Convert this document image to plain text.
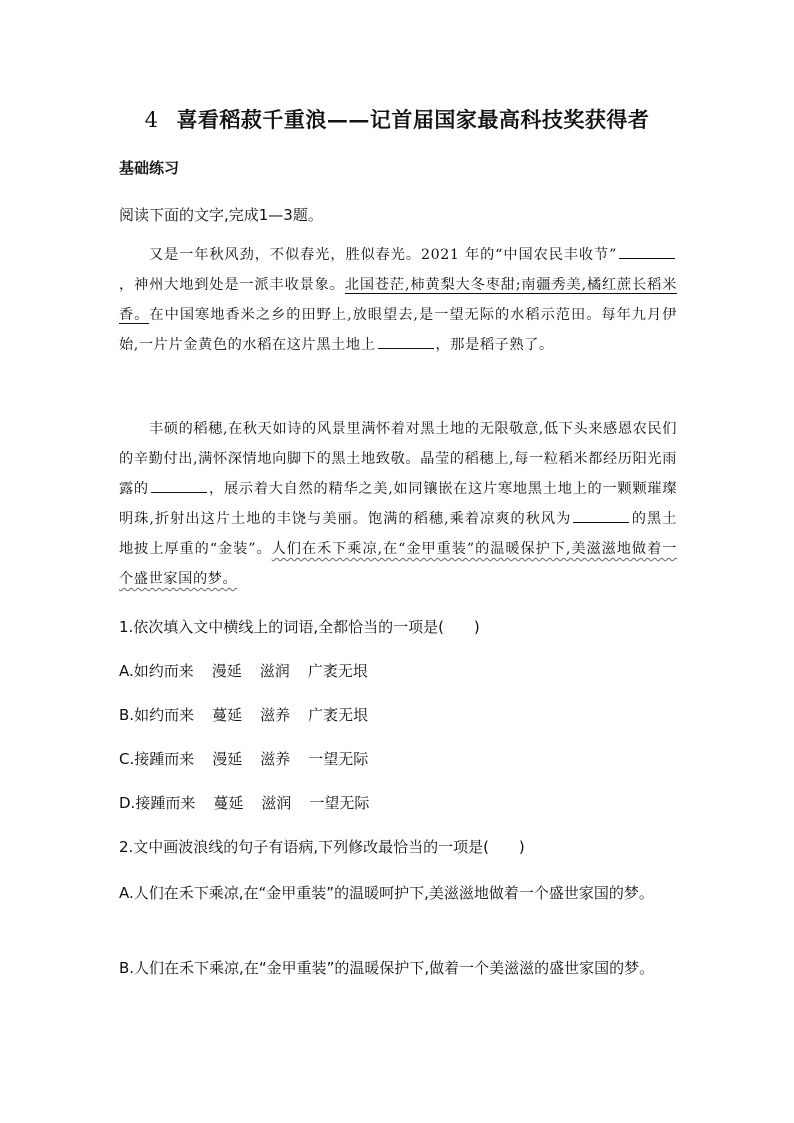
4 喜看稻菽千重浪——记首届国家最高科技奖获得者
基础练习
阅读下面的文字,完成1—3题。
又是一年秋风劲，不似春光，胜似春光。2021 年的“中国农民丰收节”，神州大地到处是一派丰收景象。北国苍茫,柿黄梨大冬枣甜;南疆秀美,橘红蔗长稻米香。在中国寒地香米之乡的田野上,放眼望去,是一望无际的水稻示范田。每年九月伊始,一片片金黄色的水稻在这片黑土地上	，那是稻子熟了。
丰硕的稻穗,在秋天如诗的风景里满怀着对黑土地的无限敬意,低下头来感恩农民们的辛勤付出,满怀深情地向脚下的黑土地致敬。晶莹的稻穗上,每一粒稻米都经历阳光雨露的	，展示着大自然的精华之美,如同镶嵌在这片寒地黑土地上的一颗颗璀璨明珠,折射出这片土地的丰饶与美丽。饱满的稻穗,乘着凉爽的秋风为	的黑土地披上厚重的“金装”。人们在禾下乘凉,在“金甲重装”的温暖保护下,美滋滋地做着一个盛世家国的梦。
1.依次填入文中横线上的词语,全都恰当的一项是(　　)
A.如约而来 漫延 滋润 广袤无垠
B.如约而来 蔓延 滋养 广袤无垠
C.接踵而来 漫延 滋养 一望无际
D.接踵而来 蔓延 滋润 一望无际
2.文中画波浪线的句子有语病,下列修改最恰当的一项是(　　)
A.人们在禾下乘凉,在“金甲重装”的温暖呵护下,美滋滋地做着一个盛世家国的梦。
B.人们在禾下乘凉,在“金甲重装”的温暖保护下,做着一个美滋滋的盛世家国的梦。
